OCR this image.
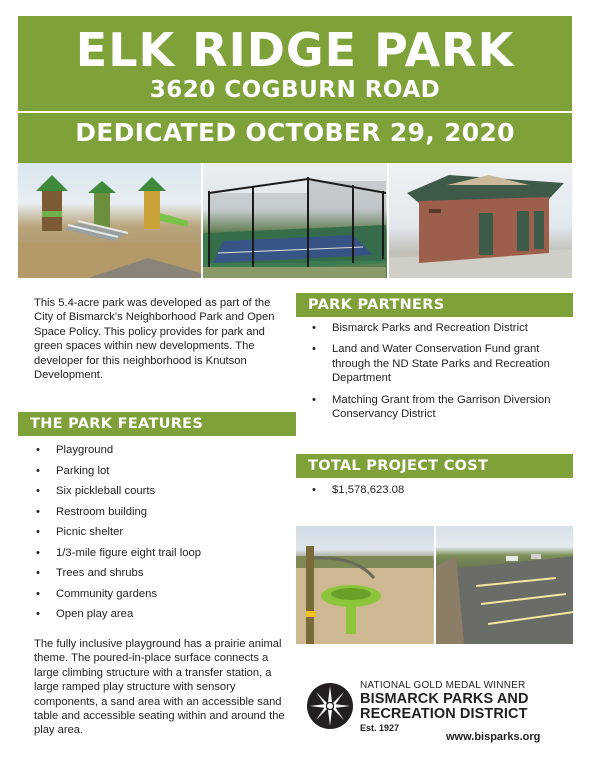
ELK RIDGE PARK
3620 COGBURN ROAD
DEDICATED OCTOBER 29, 2020
This 5.4-acre park was developed as part of the City of Bismarck’s Neighborhood Park and Open Space Policy. This policy provides for park and green spaces within new developments. The developer for this neighborhood is Knutson Development.
THE PARK FEATURES
• Playground
• Parking lot
• Six pickleball courts
• Restroom building
• Picnic shelter
• 1/3-mile figure eight trail loop
• Trees and shrubs
• Community gardens
• Open play area
The fully inclusive playground has a prairie animal theme. The poured-in-place surface connects a large climbing structure with a transfer station, a large ramped play structure with sensory components, a sand area with an accessible sand table and accessible seating within and around the play area.
PARK PARTNERS
• Bismarck Parks and Recreation District
• Land and Water Conservation Fund grant through the ND State Parks and Recreation Department
• Matching Grant from the Garrison Diversion Conservancy District
TOTAL PROJECT COST
• $1,578,623.08
NATIONAL GOLD MEDAL WINNER
BISMARCK PARKS AND RECREATION DISTRICT
Est. 1927
www.bisparks.org
